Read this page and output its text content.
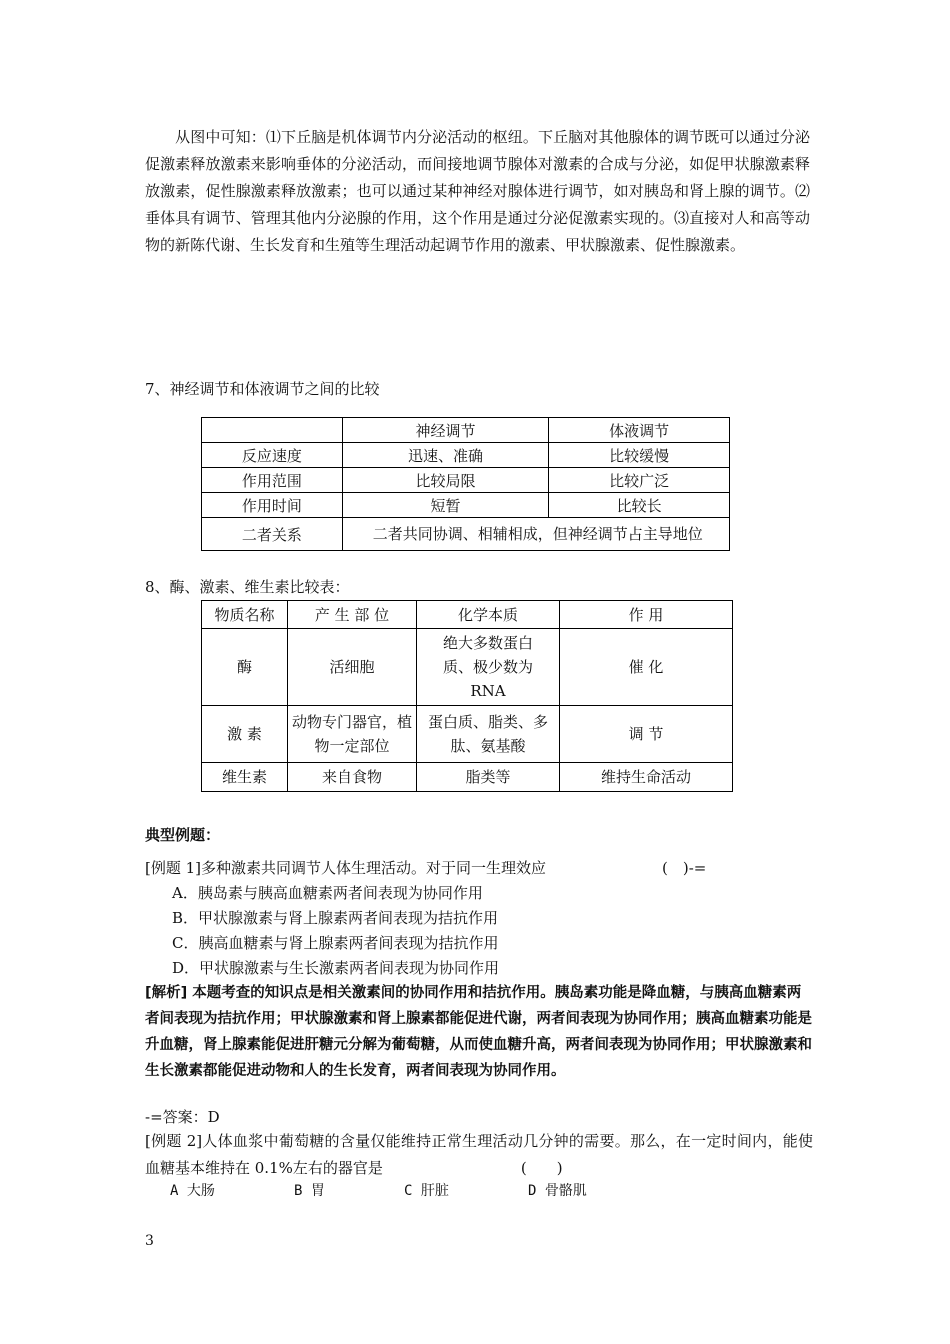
从图中可知：⑴下丘脑是机体调节内分泌活动的枢纽。下丘脑对其他腺体的调节既可以通过分泌促激素释放激素来影响垂体的分泌活动，而间接地调节腺体对激素的合成与分泌，如促甲状腺激素释放激素，促性腺激素释放激素；也可以通过某种神经对腺体进行调节，如对胰岛和肾上腺的调节。⑵垂体具有调节、管理其他内分泌腺的作用，这个作用是通过分泌促激素实现的。⑶直接对人和高等动物的新陈代谢、生长发育和生殖等生理活动起调节作用的激素、甲状腺激素、促性腺激素。
7、神经调节和体液调节之间的比较
	神经调节	体液调节
反应速度	迅速、准确	比较缓慢
作用范围	比较局限	比较广泛
作用时间	短暂	比较长
二者关系	二者共同协调、相辅相成，但神经调节占主导地位	
8、酶、激素、维生素比较表：
物质名称	产 生 部 位	化学本质	作 用
酶	活细胞	绝大多数蛋白质、极少数为RNA	催 化
激 素	动物专门器官，植物一定部位	蛋白质、脂类、多肽、氨基酸	调 节
维生素	来自食物	脂类等	维持生命活动
典型例题：
[例题 1]多种激素共同调节人体生理活动。对于同一生理效应	(　)-=
A．胰岛素与胰高血糖素两者间表现为协同作用
B．甲状腺激素与肾上腺素两者间表现为拮抗作用
C．胰高血糖素与肾上腺素两者间表现为拮抗作用
D．甲状腺激素与生长激素两者间表现为协同作用
[解析] 本题考查的知识点是相关激素间的协同作用和拮抗作用。胰岛素功能是降血糖，与胰高血糖素两者间表现为拮抗作用；甲状腺激素和肾上腺素都能促进代谢，两者间表现为协同作用；胰高血糖素功能是升血糖，肾上腺素能促进肝糖元分解为葡萄糖，从而使血糖升高，两者间表现为协同作用；甲状腺激素和生长激素都能促进动物和人的生长发育，两者间表现为协同作用。
-=答案：D
[例题 2]人体血浆中葡萄糖的含量仅能维持正常生理活动几分钟的需要。那么，在一定时间内，能使血糖基本维持在 0.1%左右的器官是	(　　)
A 大肠	B 胃	C 肝脏	D 骨骼肌
3
